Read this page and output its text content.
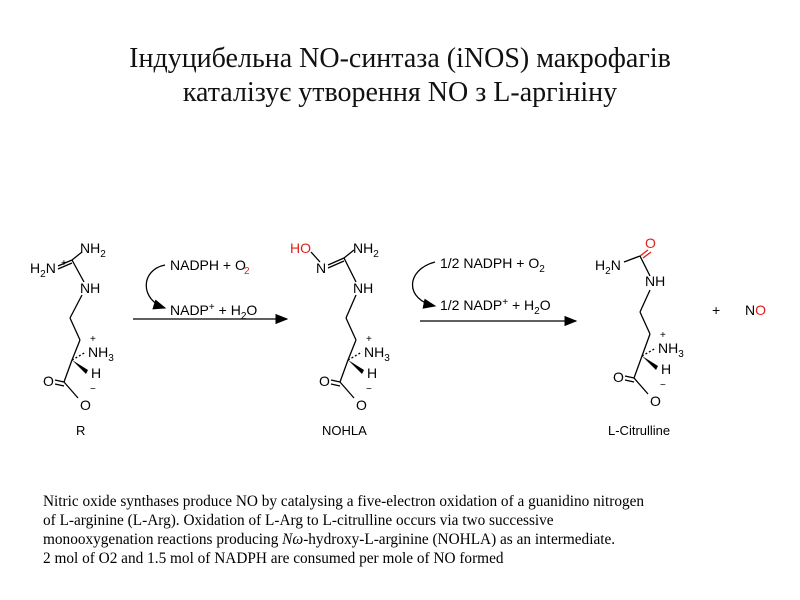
Індуцибельна NO-синтаза (iNOS) макрофагів
каталізує утворення NO з L-аргініну
$NH_2$
$H_2N$ +
NH
$NH_3$
+
H
O
O
−
R
NADPH + O
2
NADP+ + $H_2O$
HO	$NH_2$
N
NH
$NH_3$
+
H
O
O
−
NOHLA
1/2 NADPH + $O_2$
1/2 NADP+ + $H_2O$
O
$H_2N$
NH
$NH_3$
+
H
O
O
−
L-Citrulline
+ NO

Nitric oxide synthases produce NO by catalysing a five-electron oxidation of a guanidino nitrogen

of L-arginine (L-Arg). Oxidation of L-Arg to L-citrulline occurs via two successive

monooxygenation reactions producing Nω-hydroxy-L-arginine (NOHLA) as an intermediate.

2 mol of O2 and 1.5 mol of NADPH are consumed per mole of NO formed
